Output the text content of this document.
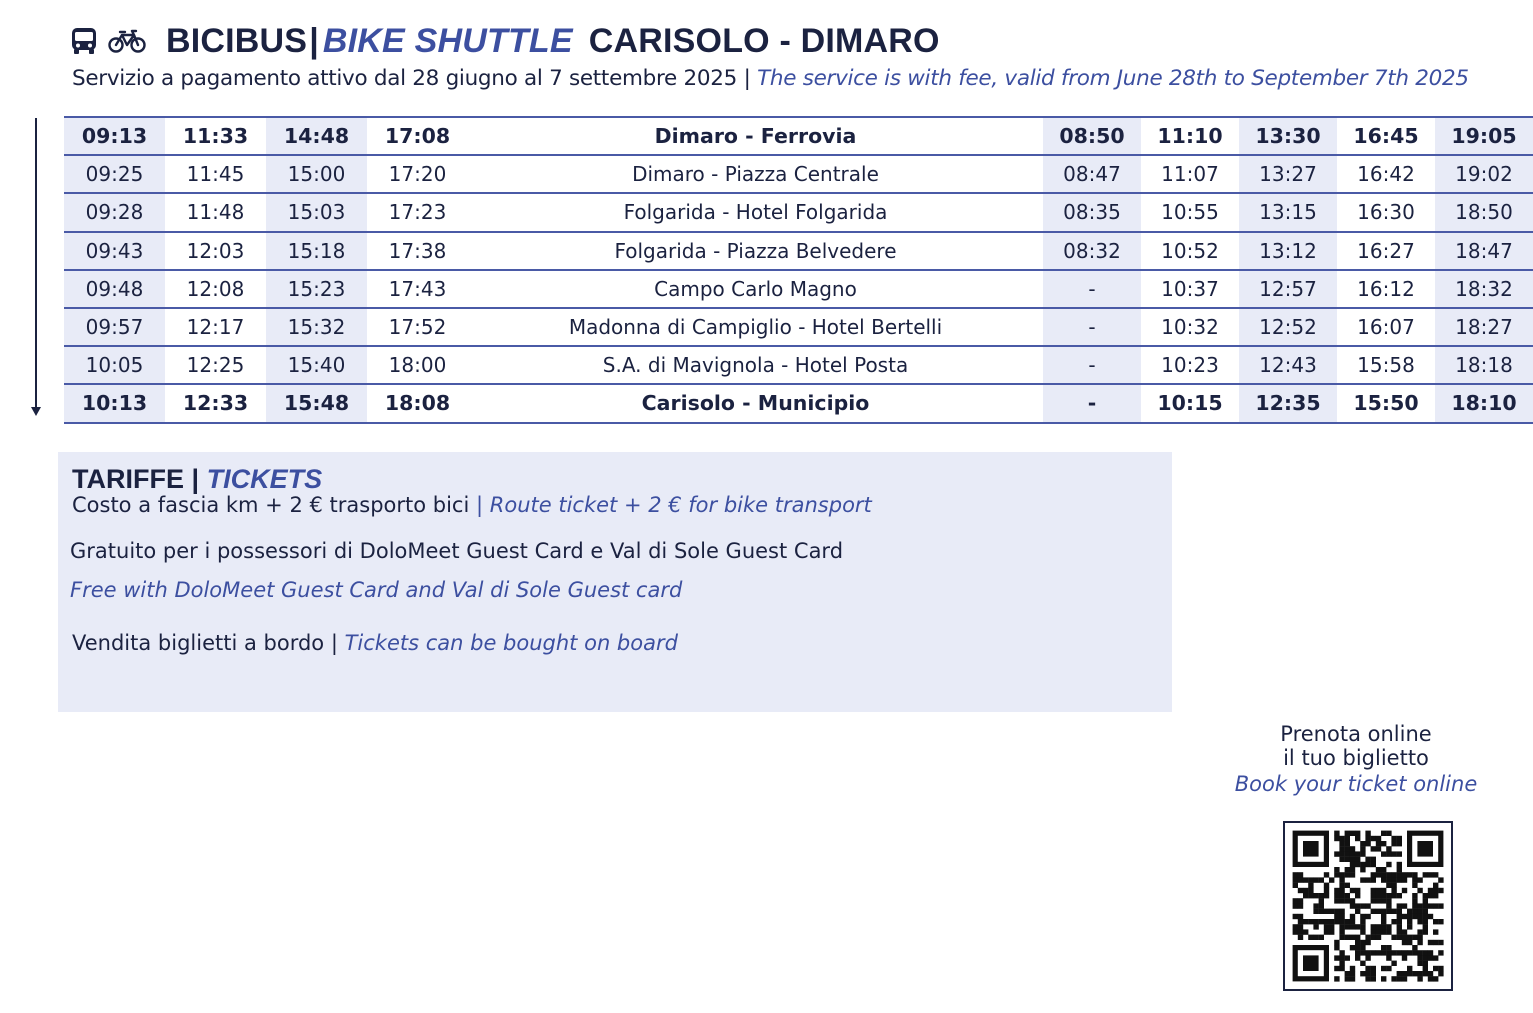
BICIBUS| BIKE SHUTTLE CARISOLO - DIMARO
Servizio a pagamento attivo dal 28 giugno al 7 settembre 2025 | The service is with fee, valid from June 28th to September 7th 2025
09:13	11:33	14:48	17:08	Dimaro - Ferrovia	08:50	11:10	13:30	16:45	19:05
09:25	11:45	15:00	17:20	Dimaro - Piazza Centrale	08:47	11:07	13:27	16:42	19:02
09:28	11:48	15:03	17:23	Folgarida - Hotel Folgarida	08:35	10:55	13:15	16:30	18:50
09:43	12:03	15:18	17:38	Folgarida - Piazza Belvedere	08:32	10:52	13:12	16:27	18:47
09:48	12:08	15:23	17:43	Campo Carlo Magno	-	10:37	12:57	16:12	18:32
09:57	12:17	15:32	17:52	Madonna di Campiglio - Hotel Bertelli	-	10:32	12:52	16:07	18:27
10:05	12:25	15:40	18:00	S.A. di Mavignola - Hotel Posta	-	10:23	12:43	15:58	18:18
10:13	12:33	15:48	18:08	Carisolo - Municipio	-	10:15	12:35	15:50	18:10
TARIFFE | TICKETS
Costo a fascia km + 2 € trasporto bici | Route ticket + 2 € for bike transport
Gratuito per i possessori di DoloMeet Guest Card e Val di Sole Guest Card
Free with DoloMeet Guest Card and Val di Sole Guest card
Vendita biglietti a bordo | Tickets can be bought on board
Prenota online
il tuo biglietto
Book your ticket online
